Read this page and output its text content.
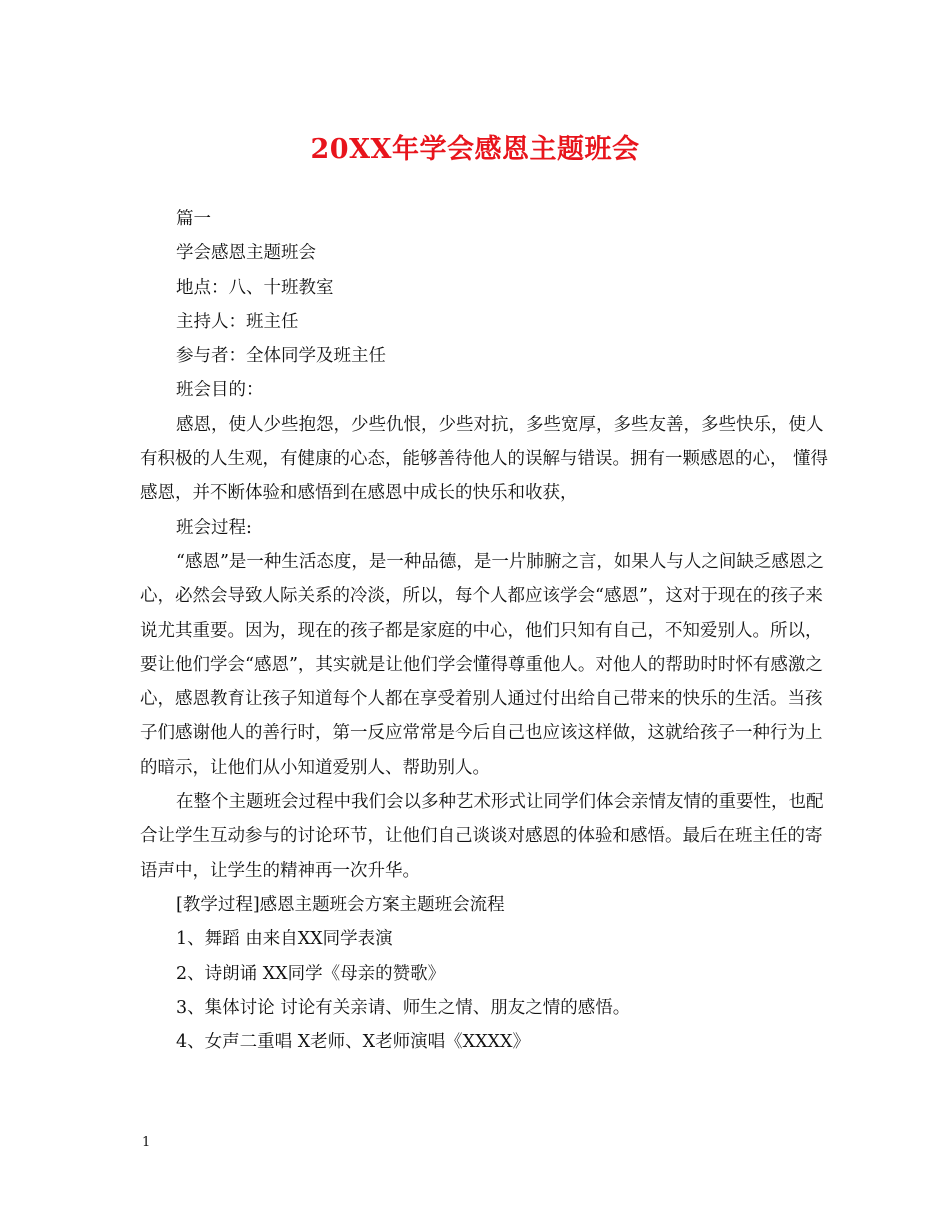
20XX年学会感恩主题班会

篇一

学会感恩主题班会

地点：八、十班教室

主持人：班主任

参与者：全体同学及班主任

班会目的：

感恩，使人少些抱怨，少些仇恨，少些对抗，多些宽厚，多些友善，多些快乐，使人有积极的人生观，有健康的心态，能够善待他人的误解与错误。拥有一颗感恩的心， 懂得感恩，并不断体验和感悟到在感恩中成长的快乐和收获，

班会过程:

“感恩”是一种生活态度，是一种品德，是一片肺腑之言，如果人与人之间缺乏感恩之心，必然会导致人际关系的冷淡，所以，每个人都应该学会“感恩”，这对于现在的孩子来说尤其重要。因为，现在的孩子都是家庭的中心，他们只知有自己，不知爱别人。所以，要让他们学会“感恩”，其实就是让他们学会懂得尊重他人。对他人的帮助时时怀有感激之心，感恩教育让孩子知道每个人都在享受着别人通过付出给自己带来的快乐的生活。当孩子们感谢他人的善行时，第一反应常常是今后自己也应该这样做，这就给孩子一种行为上的暗示，让他们从小知道爱别人、帮助别人。

在整个主题班会过程中我们会以多种艺术形式让同学们体会亲情友情的重要性，也配合让学生互动参与的讨论环节，让他们自己谈谈对感恩的体验和感悟。最后在班主任的寄语声中，让学生的精神再一次升华。

[教学过程]感恩主题班会方案主题班会流程

1、舞蹈 由来自XX同学表演

2、诗朗诵 XX同学《母亲的赞歌》

3、集体讨论 讨论有关亲请、师生之情、朋友之情的感悟。

4、女声二重唱 X老师、X老师演唱《XXXX》

1
